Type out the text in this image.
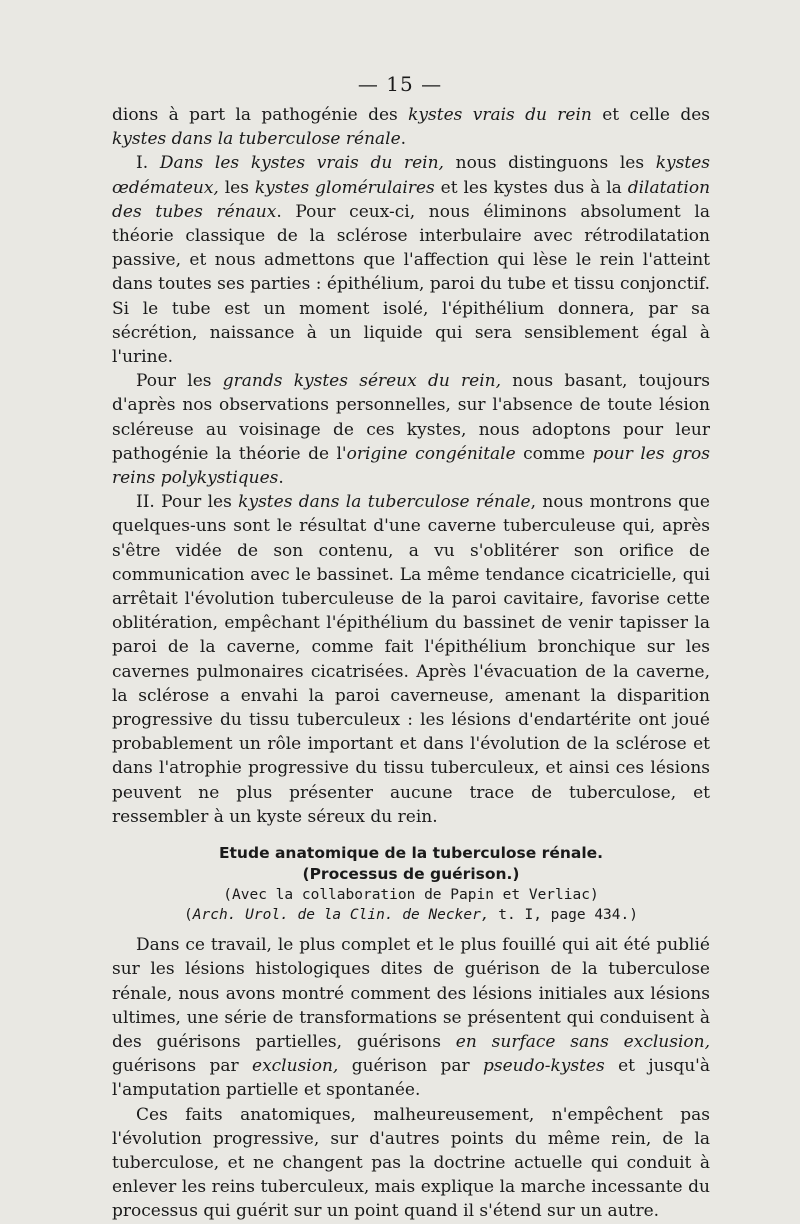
— 15 —

dions à part la pathogénie des kystes vrais du rein et celle des kystes dans la tuberculose rénale.

I. Dans les kystes vrais du rein, nous distinguons les kystes œdémateux, les kystes glomérulaires et les kystes dus à la dilatation des tubes rénaux. Pour ceux-ci, nous éliminons absolument la théorie classique de la sclérose interbulaire avec rétrodilatation passive, et nous admettons que l'affection qui lèse le rein l'atteint dans toutes ses parties : épithélium, paroi du tube et tissu conjonctif. Si le tube est un moment isolé, l'épithélium donnera, par sa sécrétion, naissance à un liquide qui sera sensiblement égal à l'urine.

Pour les grands kystes séreux du rein, nous basant, toujours d'après nos observations personnelles, sur l'absence de toute lésion scléreuse au voisinage de ces kystes, nous adoptons pour leur pathogénie la théorie de l'origine congénitale comme pour les gros reins polykystiques.

II. Pour les kystes dans la tuberculose rénale, nous montrons que quelques-uns sont le résultat d'une caverne tuberculeuse qui, après s'être vidée de son contenu, a vu s'oblitérer son orifice de communication avec le bassinet. La même tendance cicatricielle, qui arrêtait l'évolution tuberculeuse de la paroi cavitaire, favorise cette oblitération, empêchant l'épithélium du bassinet de venir tapisser la paroi de la caverne, comme fait l'épithélium bronchique sur les cavernes pulmonaires cicatrisées. Après l'évacuation de la caverne, la sclérose a envahi la paroi caverneuse, amenant la disparition progressive du tissu tuberculeux : les lésions d'endartérite ont joué probablement un rôle important et dans l'évolution de la sclérose et dans l'atrophie progressive du tissu tuberculeux, et ainsi ces lésions peuvent ne plus présenter aucune trace de tuberculose, et ressembler à un kyste séreux du rein.

Etude anatomique de la tuberculose rénale.

(Processus de guérison.)

(Avec la collaboration de Papin et Verliac)

(Arch. Urol. de la Clin. de Necker, t. I, page 434.)

Dans ce travail, le plus complet et le plus fouillé qui ait été publié sur les lésions histologiques dites de guérison de la tuberculose rénale, nous avons montré comment des lésions initiales aux lésions ultimes, une série de transformations se présentent qui conduisent à des guérisons partielles, guérisons en surface sans exclusion, guérisons par exclusion, guérison par pseudo-kystes et jusqu'à l'amputation partielle et spontanée.

Ces faits anatomiques, malheureusement, n'empêchent pas l'évolution progressive, sur d'autres points du même rein, de la tuberculose, et ne changent pas la doctrine actuelle qui conduit à enlever les reins tuberculeux, mais explique la marche incessante du processus qui guérit sur un point quand il s'étend sur un autre.
